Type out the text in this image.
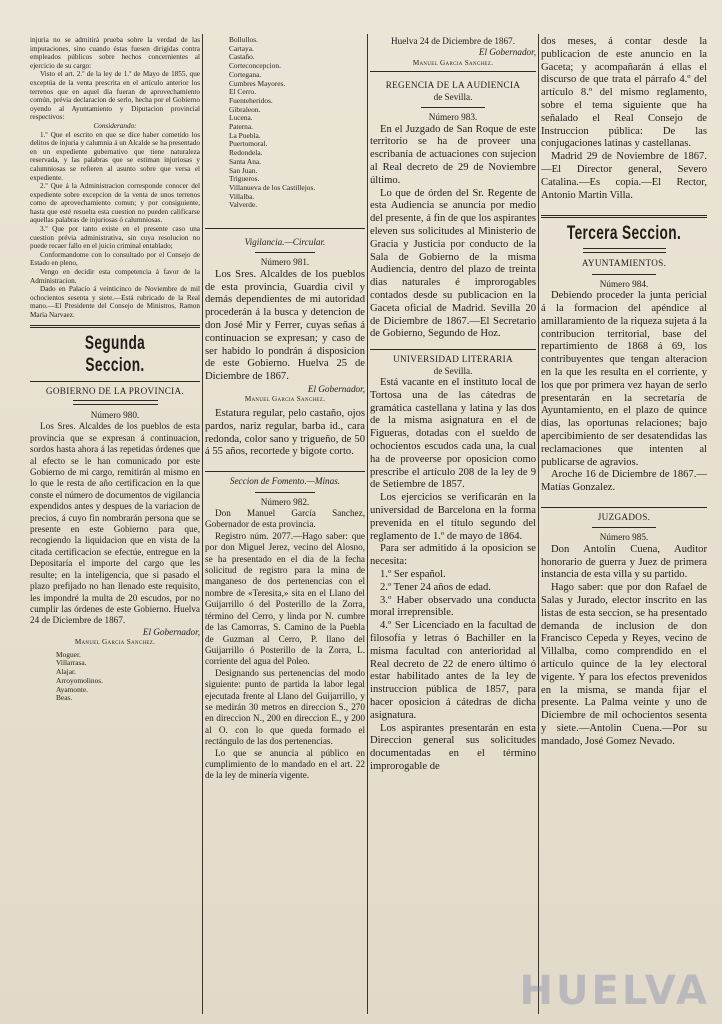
injuria no se admitirá prueba sobre la verdad de las imputaciones, sino cuando éstas fuesen dirigidas contra empleados públicos sobre hechos concernientes al ejercicio de su cargo:

Visto el art. 2.º de la ley de 1.º de Mayo de 1855, que exceptúa de la venta prescrita en el artículo anterior los terrenos que en aquel día fueran de aprovechamiento común, prévia declaracion de serlo, hecha por el Gobierno oyendo al Ayuntamiento y Diputacion provincial respectivos:

Considerando:

1.º Que el escrito en que se dice haber cometido los delitos de injuria y calumnia á un Alcalde se ha presentado en un expediente gubernativo que tiene naturaleza reservada, y las palabras que se estiman injuriosas y calumniosas se refieren al asunto sobre que versa el expediente.

2.º Que á la Administracion corresponde conocer del expediente sobre excepcion de la venta de unos terrenos como de aprovechamiento comun; y por consiguiente, hasta que esté resuelta esta cuestion no pueden calificarse aquellas palabras de injuriosas ó calumniosas.

3.º Que por tanto existe en el presente caso una cuestion prévia administrativa, sin cuya resolucion no puede recaer fallo en el juicio criminal entablado;

Conformandome con lo consultado por el Consejo de Estado en pleno,

Vengo en decidir esta competencia á favor de la Administracion.

Dado en Palacio á veinticinco de Noviembre de mil ochocientos sesenta y siete.—Está rubricado de la Real mano.—El Presidente del Consejo de Ministros, Ramon María Narvaez.

Segunda Seccion.

GOBIERNO DE LA PROVINCIA.

Número 980.

Los Sres. Alcaldes de los pueblos de esta provincia que se expresan á continuacion, sordos hasta ahora á las repetidas órdenes que al efecto se le han comunicado por este Gobierno de mi cargo, remitirán al mismo en lo que le resta de año certificacion en la que conste el número de documentos de vigilancia expendidos antes y despues de la variacion de precios, á cuyo fin nombrarán persona que se presente en este Gobierno para que, recogiendo la liquidacion que en vista de la citada certificacion se efectúe, entregue en la Depositaría el importe del cargo que les resulte; en la inteligencia, que si pasado el plazo prefijado no han llenado este requisito, les impondré la multa de 20 escudos, por no cumplir las órdenes de este Gobierno. Huelva 24 de Diciembre de 1867.

El Gobernador,

Manuel Garcia Sanchez.

Moguer.
Villarrasa.
Alajar.
Arroyomolinos.
Ayamonte.
Beas.
Bollullos.
Cartaya.
Castaño.
Corteconcepcion.
Cortegana.
Cumbres Mayores.
El Cerro.
Fuenteheridos.
Gibraleon.
Lucena.
Paterna.
La Puebla.
Puertomoral.
Redondela.
Santa Ana.
San Juan.
Trigueros.
Villanueva de los Castillejos.
Villalba.
Valverde.

Vigilancia.—Circular.

Número 981.

Los Sres. Alcaldes de los pueblos de esta provincia, Guardia civil y demás dependientes de mi autoridad procederán á la busca y detencion de don José Mir y Ferrer, cuyas señas á continuacion se expresan; y caso de ser habido lo pondrán á disposicion de este Gobierno. Huelva 25 de Diciembre de 1867.

El Gobernador,

Manuel Garcia Sanchez.

Estatura regular, pelo castaño, ojos pardos, nariz regular, barba id., cara redonda, color sano y trigueño, de 50 á 55 años, recortede y bigote corto.

Seccion de Fomento.—Minas.

Número 982.

Don Manuel García Sanchez, Gobernador de esta provincia.

Registro núm. 2077.—Hago saber: que por don Miguel Jerez, vecino del Alosno, se ha presentado en el dia de la fecha solicitud de registro para la mina de manganeso de dos pertenencias con el nombre de «Teresita,» sita en el Llano del Guijarrillo ó del Posterillo de la Zorra, término del Cerro, y linda por N. cumbre de las Camorras, S. Camino de la Puebla de Guzman al Cerro, P. llano del Guijarrillo ó Posterillo de la Zorra, L. corriente del agua del Poleo.

Designando sus pertenencias del modo siguiente: punto de partida la labor legal ejecutada frente al Llano del Guijarrillo, y se medirán 30 metros en direccion S., 270 en direccion N., 200 en direccion E., y 200 al O. con lo que queda formado el rectángulo de las dos pertenencias.

Lo que se anuncia al público en cumplimiento de lo mandado en el art. 22 de la ley de minería vigente.

Huelva 24 de Diciembre de 1867.

El Gobernador,

Manuel Garcia Sanchez.

REGENCIA DE LA AUDIENCIA

de Sevilla.

Número 983.

En el Juzgado de San Roque de este territorio se ha de proveer una escribanía de actuaciones con sujecion al Real decreto de 29 de Noviembre último.

Lo que de órden del Sr. Regente de esta Audiencia se anuncia por medio del presente, á fin de que los aspirantes eleven sus solicitudes al Ministerio de Gracia y Justicia por conducto de la Sala de Gobierno de la misma Audiencia, dentro del plazo de treinta dias naturales é improrogables contados desde su publicacion en la Gaceta oficial de Madrid. Sevilla 20 de Diciembre de 1867.—El Secretario de Gobierno, Segundo de Hoz.

UNIVERSIDAD LITERARIA

de Sevilla.

Está vacante en el instituto local de Tortosa una de las cátedras de gramática castellana y latina y las dos de la misma asignatura en el de Figueras, dotadas con el sueldo de ochocientos escudos cada una, la cual ha de proveerse por oposicion como prescribe el artículo 208 de la ley de 9 de Setiembre de 1857.

Los ejercicios se verificarán en la universidad de Barcelona en la forma prevenida en el título segundo del reglamento de 1.º de mayo de 1864.

Para ser admitido á la oposicion se necesita:

1.º Ser español.

2.º Tener 24 años de edad.

3.º Haber observado una conducta moral irreprensible.

4.º Ser Licenciado en la facultad de filosofía y letras ó Bachiller en la misma facultad con anterioridad al Real decreto de 22 de enero último ó estar habilitado antes de la ley de instruccion pública de 1857, para hacer oposicion á cátedras de dicha asignatura.

Los aspirantes presentarán en esta Direccion general sus solicitudes documentadas en el término improrogable de

dos meses, á contar desde la publicacion de este anuncio en la Gaceta; y acompañarán á ellas el discurso de que trata el párrafo 4.º del artículo 8.º del mismo reglamento, sobre el tema siguiente que ha señalado el Real Consejo de Instruccion pública: De las conjugaciones latinas y castellanas.

Madrid 29 de Noviembre de 1867.—El Director general, Severo Catalina.—Es copia.—El Rector, Antonio Martin Villa.

Tercera Seccion.

AYUNTAMIENTOS.

Número 984.

Debiendo proceder la junta pericial á la formacion del apéndice al amillaramiento de la riqueza sujeta á la contribucion territorial, base del repartimiento de 1868 á 69, los contribuyentes que tengan alteracion en la que les resulta en el corriente, y los que por primera vez hayan de serlo presentarán en la secretaría de Ayuntamiento, en el plazo de quince dias, las oportunas relaciones; bajo apercibimiento de ser desatendidas las reclamaciones que intenten al publicarse de agravios.

Aroche 16 de Diciembre de 1867.—Matías Gonzalez.

JUZGADOS.

Número 985.

Don Antolin Cuena, Auditor honorario de guerra y Juez de primera instancia de esta villa y su partido.

Hago saber: que por don Rafael de Salas y Jurado, elector inscrito en las listas de esta seccion, se ha presentado demanda de inclusion de don Francisco Cepeda y Reyes, vecino de Villalba, como comprendido en el artículo quince de la ley electoral vigente. Y para los efectos prevenidos en la misma, se manda fijar el presente. La Palma veinte y uno de Diciembre de mil ochocientos sesenta y siete.—Antolin Cuena.—Por su mandado, José Gomez Nevado.

HUELVA
